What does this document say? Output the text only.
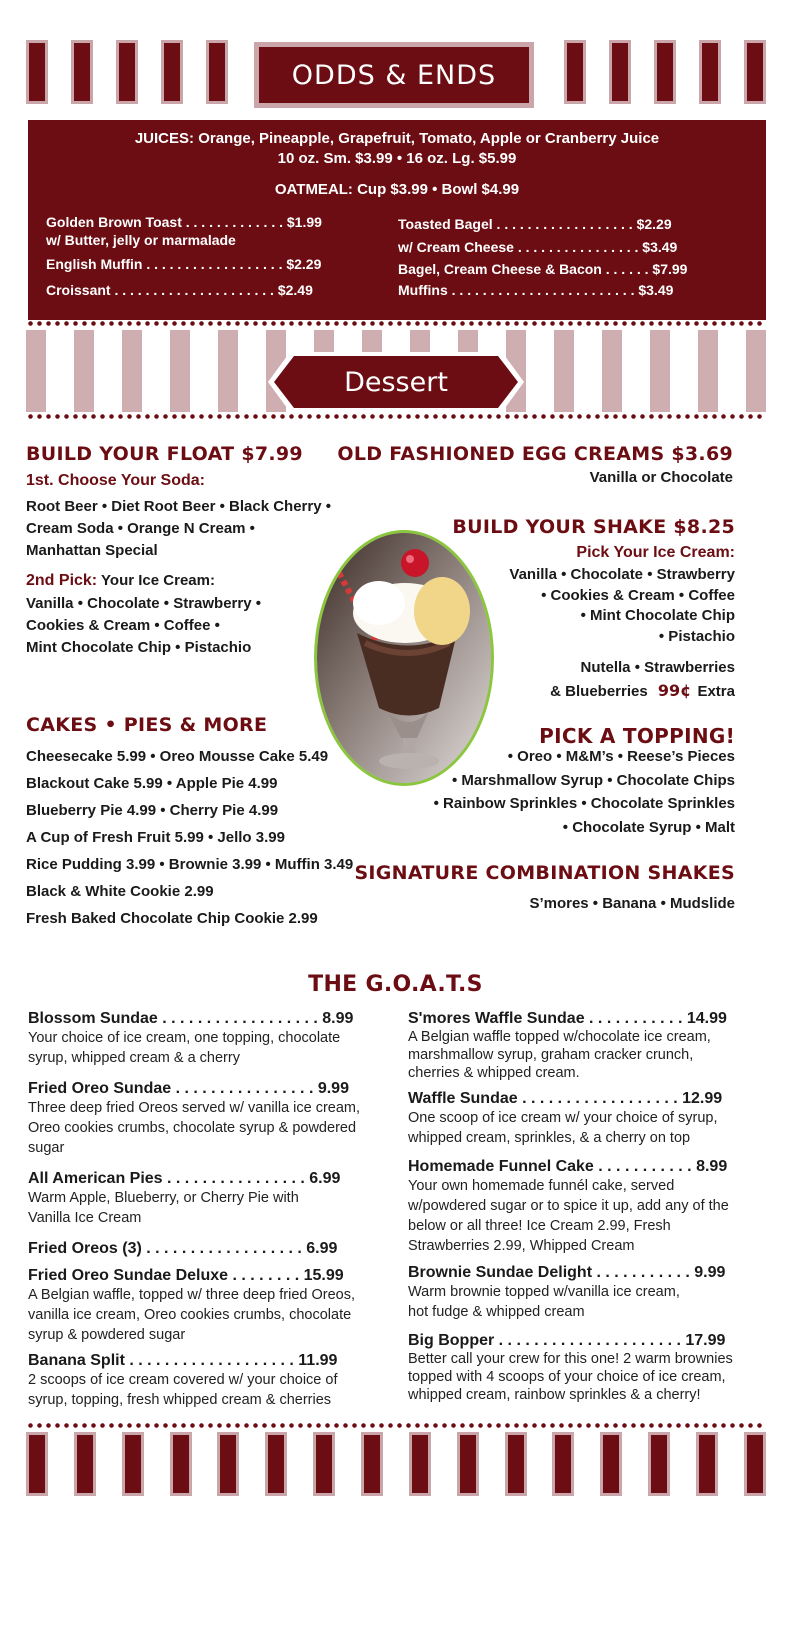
ODDS & ENDS
JUICES: Orange, Pineapple, Grapefruit, Tomato, Apple or Cranberry Juice
10 oz. Sm. $3.99 • 16 oz. Lg. $5.99
OATMEAL: Cup $3.99 • Bowl $4.99
Golden Brown Toast . . . . . . . . . . . . . $1.99
w/ Butter, jelly or marmalade
English Muffin . . . . . . . . . . . . . . . . . . $2.29
Croissant . . . . . . . . . . . . . . . . . . . . . $2.49
Toasted Bagel . . . . . . . . . . . . . . . . . . $2.29
w/ Cream Cheese . . . . . . . . . . . . . . . . $3.49
Bagel, Cream Cheese & Bacon . . . . . . $7.99
Muffins . . . . . . . . . . . . . . . . . . . . . . . . $3.49
Dessert
BUILD YOUR FLOAT $7.99
1st. Choose Your Soda:
Root Beer • Diet Root Beer • Black Cherry •
Cream Soda • Orange N Cream •
Manhattan Special
2nd Pick: Your Ice Cream:
Vanilla • Chocolate • Strawberry •
Cookies & Cream • Coffee •
Mint Chocolate Chip • Pistachio
OLD FASHIONED EGG CREAMS $3.69
Vanilla or Chocolate
BUILD YOUR SHAKE $8.25
Pick Your Ice Cream:
Vanilla • Chocolate • Strawberry
• Cookies & Cream • Coffee
• Mint Chocolate Chip
• Pistachio
Nutella • Strawberries
& Blueberries 99¢ Extra
CAKES • PIES & MORE
Cheesecake 5.99 • Oreo Mousse Cake 5.49
Blackout Cake 5.99 • Apple Pie 4.99
Blueberry Pie 4.99 • Cherry Pie 4.99
A Cup of Fresh Fruit 5.99 • Jello 3.99
Rice Pudding 3.99 • Brownie 3.99 • Muffin 3.49
Black & White Cookie 2.99
Fresh Baked Chocolate Chip Cookie 2.99
PICK A TOPPING!
• Oreo • M&M’s • Reese’s Pieces
• Marshmallow Syrup • Chocolate Chips
• Rainbow Sprinkles • Chocolate Sprinkles
• Chocolate Syrup • Malt
SIGNATURE COMBINATION SHAKES
S’mores • Banana • Mudslide
THE G.O.A.T.S
Blossom Sundae . . . . . . . . . . . . . . . . . . 8.99
Your choice of ice cream, one topping, chocolate
syrup, whipped cream & a cherry
Fried Oreo Sundae . . . . . . . . . . . . . . . . 9.99
Three deep fried Oreos served w/ vanilla ice cream,
Oreo cookies crumbs, chocolate syrup & powdered
sugar
All American Pies . . . . . . . . . . . . . . . . 6.99
Warm Apple, Blueberry, or Cherry Pie with
Vanilla Ice Cream
Fried Oreos (3) . . . . . . . . . . . . . . . . . . 6.99
Fried Oreo Sundae Deluxe . . . . . . . . 15.99
A Belgian waffle, topped w/ three deep fried Oreos,
vanilla ice cream, Oreo cookies crumbs, chocolate
syrup & powdered sugar
Banana Split . . . . . . . . . . . . . . . . . . . 11.99
2 scoops of ice cream covered w/ your choice of
syrup, topping, fresh whipped cream & cherries
S'mores Waffle Sundae . . . . . . . . . . . 14.99
A Belgian waffle topped w/chocolate ice cream,
marshmallow syrup, graham cracker crunch,
cherries & whipped cream.
Waffle Sundae . . . . . . . . . . . . . . . . . . 12.99
One scoop of ice cream w/ your choice of syrup,
whipped cream, sprinkles, & a cherry on top
Homemade Funnel Cake . . . . . . . . . . . 8.99
Your own homemade funnél cake, served
w/powdered sugar or to spice it up, add any of the
below or all three! Ice Cream 2.99, Fresh
Strawberries 2.99, Whipped Cream
Brownie Sundae Delight . . . . . . . . . . . 9.99
Warm brownie topped w/vanilla ice cream,
hot fudge & whipped cream
Big Bopper . . . . . . . . . . . . . . . . . . . . . 17.99
Better call your crew for this one! 2 warm brownies
topped with 4 scoops of your choice of ice cream,
whipped cream, rainbow sprinkles & a cherry!
